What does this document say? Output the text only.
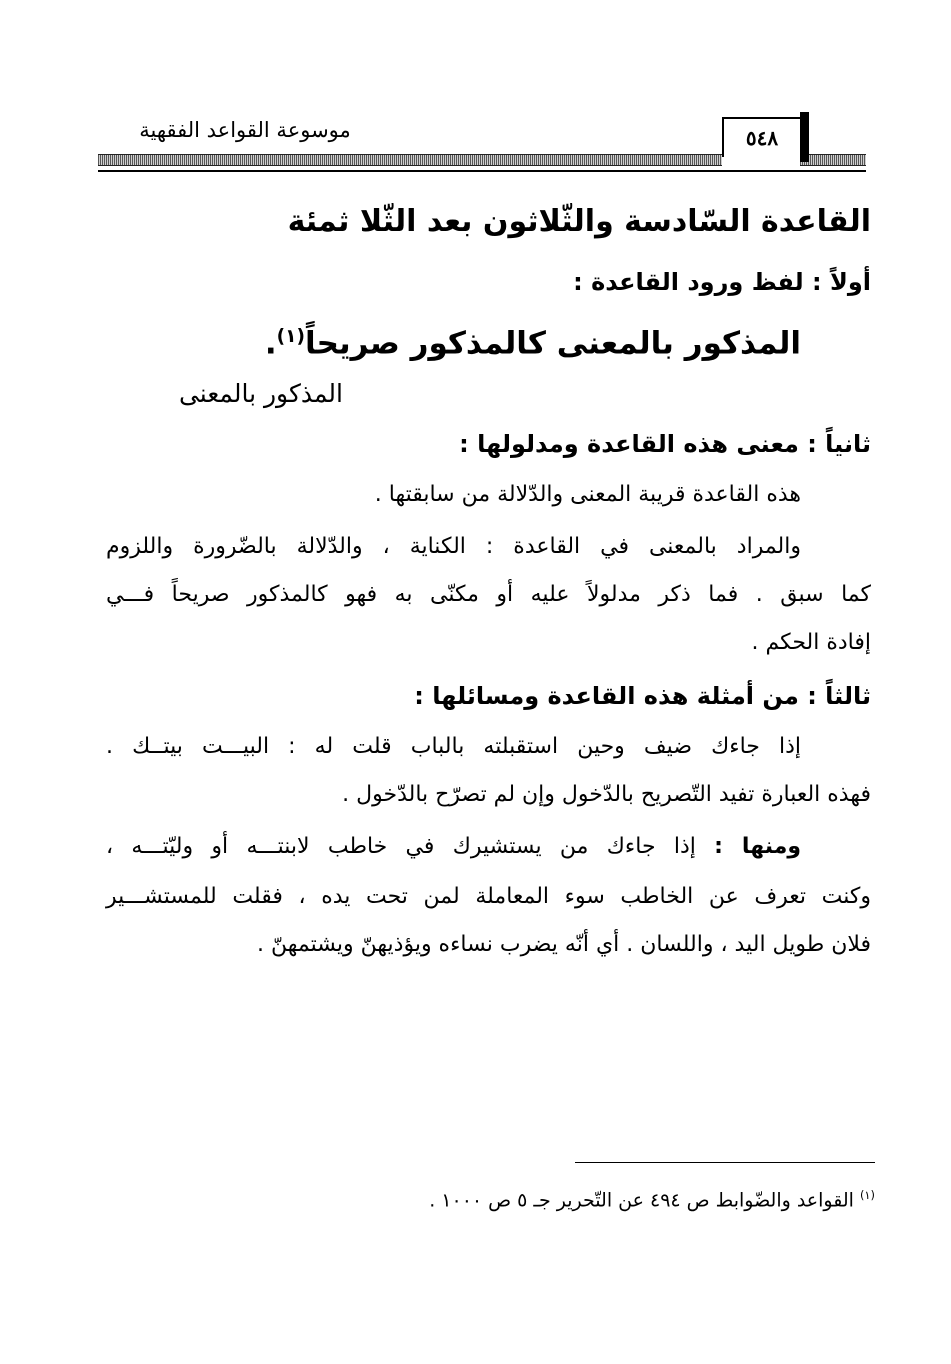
موسوعة القواعد الفقهية	٥٤٨
القاعدة السّادسة والثّلاثون بعد الثّلا ثمئة
أولاً : لفظ ورود القاعدة :
المذكور بالمعنى كالمذكور صريحاً$^{(١)}$.
المذكور بالمعنى
ثانياً : معنى هذه القاعدة ومدلولها :
هذه القاعدة قريبة المعنى والدّلالة من سابقتها .
والمراد بالمعنى في القاعدة : الكناية ، والدّلالة بالضّرورة واللزوم
كما سبق . فما ذكر مدلولاً عليه أو مكنّى به فهو كالمذكور صريحاً فـــي
إفادة الحكم .
ثالثاً : من أمثلة هذه القاعدة ومسائلها :
إذا جاءك ضيف وحين استقبلته بالباب قلت له : البيـــت بيتــك .
فهذه العبارة تفيد التّصريح بالدّخول وإن لم تصرّح بالدّخول .
ومنها : إذا جاءك من يستشيرك في خاطب لابنتـــه أو وليّتـــه ،
وكنت تعرف عن الخاطب سوء المعاملة لمن تحت يده ، فقلت للمستشـــير
فلان طويل اليد ، واللسان . أي أنّه يضرب نساءه ويؤذيهنّ ويشتمهنّ .
$^{(١)}$ القواعد والضّوابط ص ٤٩٤ عن التّحرير جـ ٥ ص ١٠٠٠ .
